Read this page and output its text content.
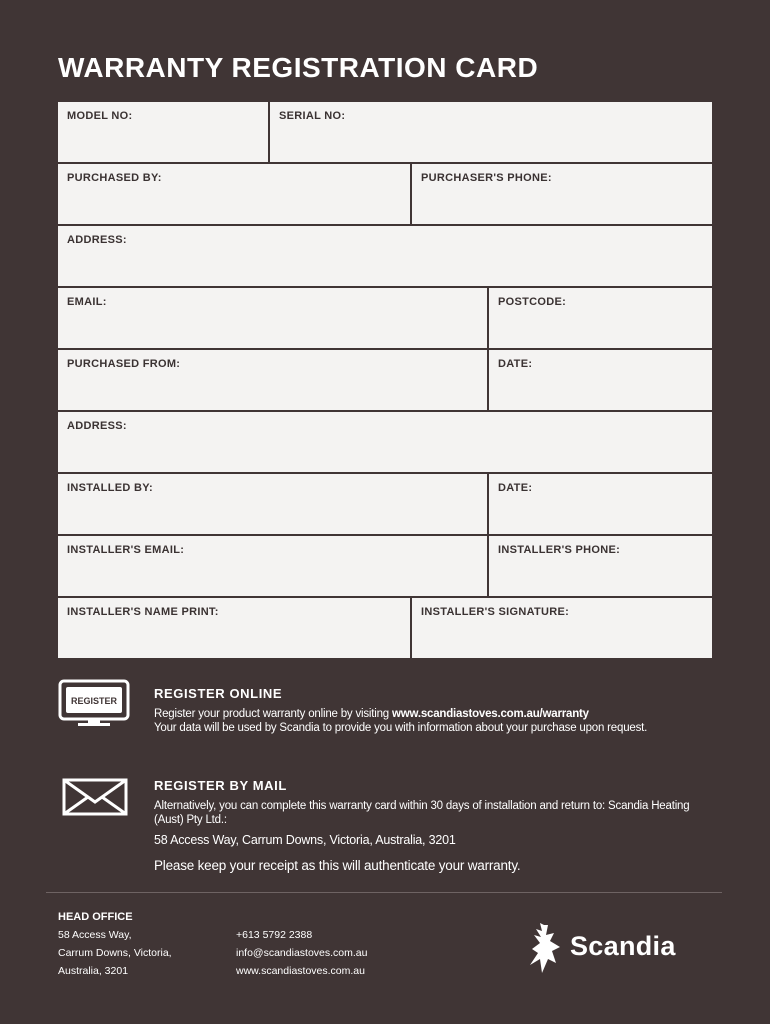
WARRANTY REGISTRATION CARD
MODEL NO:	SERIAL NO:
PURCHASED BY:	PURCHASER'S PHONE:
ADDRESS:
EMAIL:	POSTCODE:
PURCHASED FROM:	DATE:
ADDRESS:
INSTALLED BY:	DATE:
INSTALLER'S EMAIL:	INSTALLER'S PHONE:
INSTALLER'S NAME PRINT:	INSTALLER'S SIGNATURE:
REGISTER	REGISTER ONLINE
Register your product warranty online by visiting www.scandiastoves.com.au/warranty
Your data will be used by Scandia to provide you with information about your purchase upon request.
REGISTER BY MAIL
Alternatively, you can complete this warranty card within 30 days of installation and return to: Scandia Heating (Aust) Pty Ltd.:
58 Access Way, Carrum Downs, Victoria, Australia, 3201
Please keep your receipt as this will authenticate your warranty.
HEAD OFFICE
58 Access Way,
Carrum Downs, Victoria,
Australia, 3201
+613 5792 2388
info@scandiastoves.com.au
www.scandiastoves.com.au
Scandia
